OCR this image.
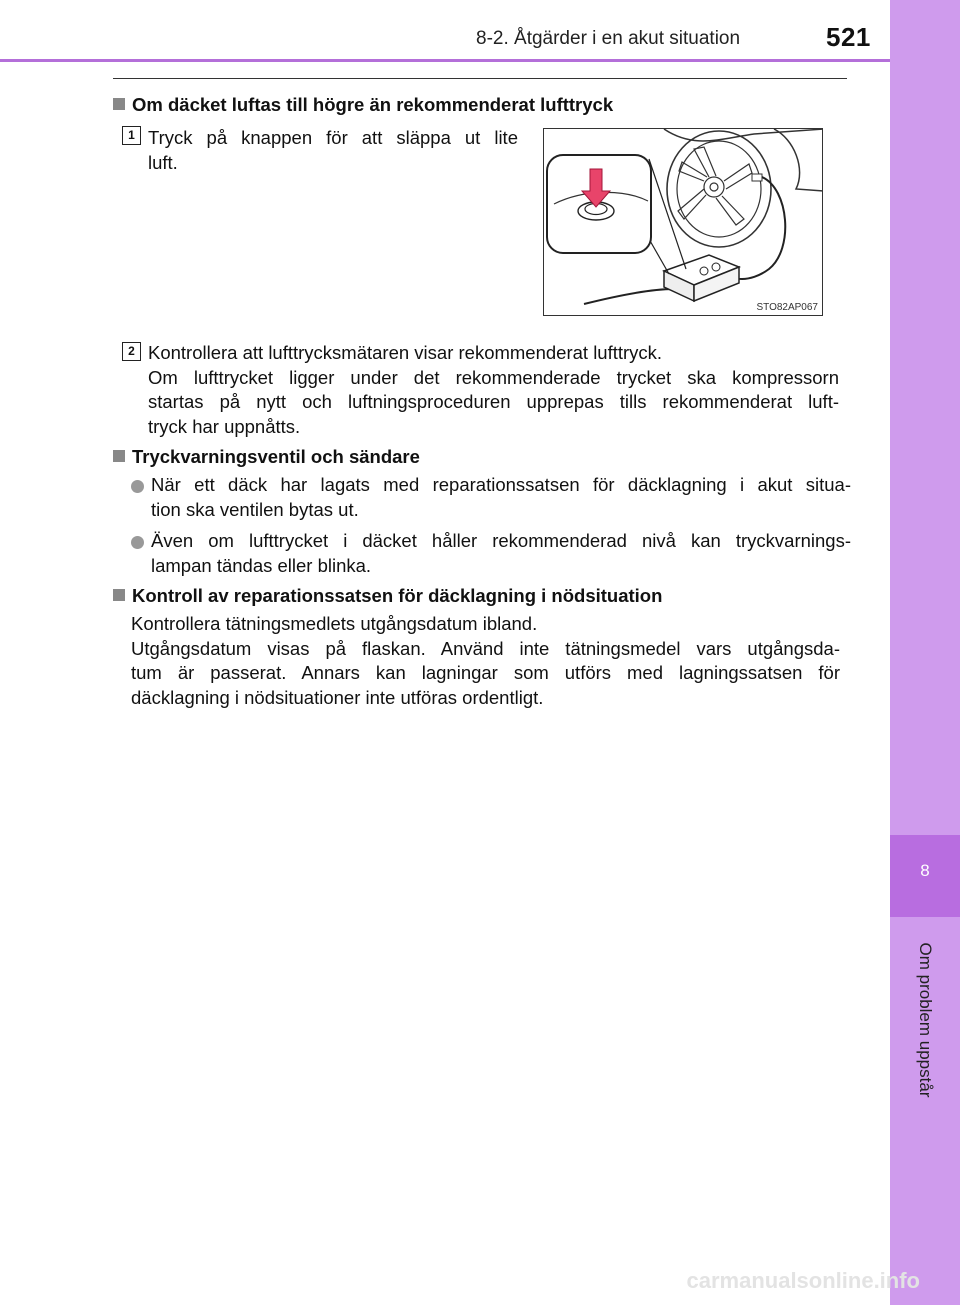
8-2. Åtgärder i en akut situation	521
8
Om problem uppstår
Om däcket luftas till högre än rekommenderat lufttryck
1 Tryck på knappen för att släppa ut lite
luft.
STO82AP067
2 Kontrollera att lufttrycksmätaren visar rekommenderat lufttryck.
Om lufttrycket ligger under det rekommenderade trycket ska kompressorn
startas på nytt och luftningsproceduren upprepas tills rekommenderat luft-
tryck har uppnåtts.
Tryckvarningsventil och sändare
När ett däck har lagats med reparationssatsen för däcklagning i akut situa-
tion ska ventilen bytas ut.
Även om lufttrycket i däcket håller rekommenderad nivå kan tryckvarnings-
lampan tändas eller blinka.
Kontroll av reparationssatsen för däcklagning i nödsituation
Kontrollera tätningsmedlets utgångsdatum ibland.
Utgångsdatum visas på flaskan. Använd inte tätningsmedel vars utgångsda-
tum är passerat. Annars kan lagningar som utförs med lagningssatsen för
däcklagning i nödsituationer inte utföras ordentligt.
carmanualsonline.info
